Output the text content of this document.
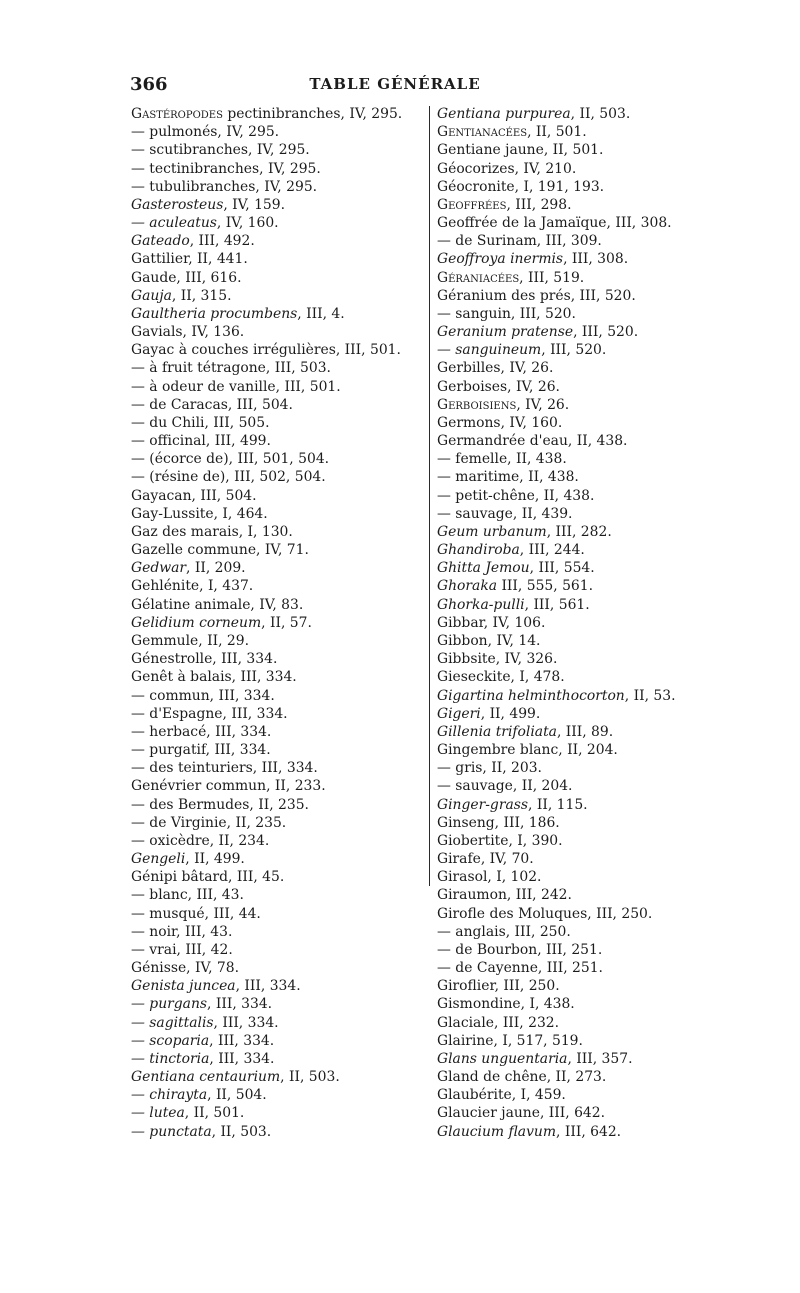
366	TABLE GÉNÉRALE
Gastéropodes pectinibranches, IV, 295.
— pulmonés, IV, 295.
— scutibranches, IV, 295.
— tectinibranches, IV, 295.
— tubulibranches, IV, 295.
Gasterosteus, IV, 159.
— aculeatus, IV, 160.
Gateado, III, 492.
Gattilier, II, 441.
Gaude, III, 616.
Gauja, II, 315.
Gaultheria procumbens, III, 4.
Gavials, IV, 136.
Gayac à couches irrégulières, III, 501.
— à fruit tétragone, III, 503.
— à odeur de vanille, III, 501.
— de Caracas, III, 504.
— du Chili, III, 505.
— officinal, III, 499.
— (écorce de), III, 501, 504.
— (résine de), III, 502, 504.
Gayacan, III, 504.
Gay-Lussite, I, 464.
Gaz des marais, I, 130.
Gazelle commune, IV, 71.
Gedwar, II, 209.
Gehlénite, I, 437.
Gélatine animale, IV, 83.
Gelidium corneum, II, 57.
Gemmule, II, 29.
Génestrolle, III, 334.
Genêt à balais, III, 334.
— commun, III, 334.
— d'Espagne, III, 334.
— herbacé, III, 334.
— purgatif, III, 334.
— des teinturiers, III, 334.
Genévrier commun, II, 233.
— des Bermudes, II, 235.
— de Virginie, II, 235.
— oxicèdre, II, 234.
Gengeli, II, 499.
Génipi bâtard, III, 45.
— blanc, III, 43.
— musqué, III, 44.
— noir, III, 43.
— vrai, III, 42.
Génisse, IV, 78.
Genista juncea, III, 334.
— purgans, III, 334.
— sagittalis, III, 334.
— scoparia, III, 334.
— tinctoria, III, 334.
Gentiana centaurium, II, 503.
— chirayta, II, 504.
— lutea, II, 501.
— punctata, II, 503.
Gentiana purpurea, II, 503.
Gentianacées, II, 501.
Gentiane jaune, II, 501.
Géocorizes, IV, 210.
Géocronite, I, 191, 193.
Geoffrées, III, 298.
Geoffrée de la Jamaïque, III, 308.
— de Surinam, III, 309.
Geoffroya inermis, III, 308.
Géraniacées, III, 519.
Géranium des prés, III, 520.
— sanguin, III, 520.
Geranium pratense, III, 520.
— sanguineum, III, 520.
Gerbilles, IV, 26.
Gerboises, IV, 26.
Gerboisiens, IV, 26.
Germons, IV, 160.
Germandrée d'eau, II, 438.
— femelle, II, 438.
— maritime, II, 438.
— petit-chêne, II, 438.
— sauvage, II, 439.
Geum urbanum, III, 282.
Ghandiroba, III, 244.
Ghitta Jemou, III, 554.
Ghoraka III, 555, 561.
Ghorka-pulli, III, 561.
Gibbar, IV, 106.
Gibbon, IV, 14.
Gibbsite, IV, 326.
Gieseckite, I, 478.
Gigartina helminthocorton, II, 53.
Gigeri, II, 499.
Gillenia trifoliata, III, 89.
Gingembre blanc, II, 204.
— gris, II, 203.
— sauvage, II, 204.
Ginger-grass, II, 115.
Ginseng, III, 186.
Giobertite, I, 390.
Girafe, IV, 70.
Girasol, I, 102.
Giraumon, III, 242.
Girofle des Moluques, III, 250.
— anglais, III, 250.
— de Bourbon, III, 251.
— de Cayenne, III, 251.
Giroflier, III, 250.
Gismondine, I, 438.
Glaciale, III, 232.
Glairine, I, 517, 519.
Glans unguentaria, III, 357.
Gland de chêne, II, 273.
Glaubérite, I, 459.
Glaucier jaune, III, 642.
Glaucium flavum, III, 642.
